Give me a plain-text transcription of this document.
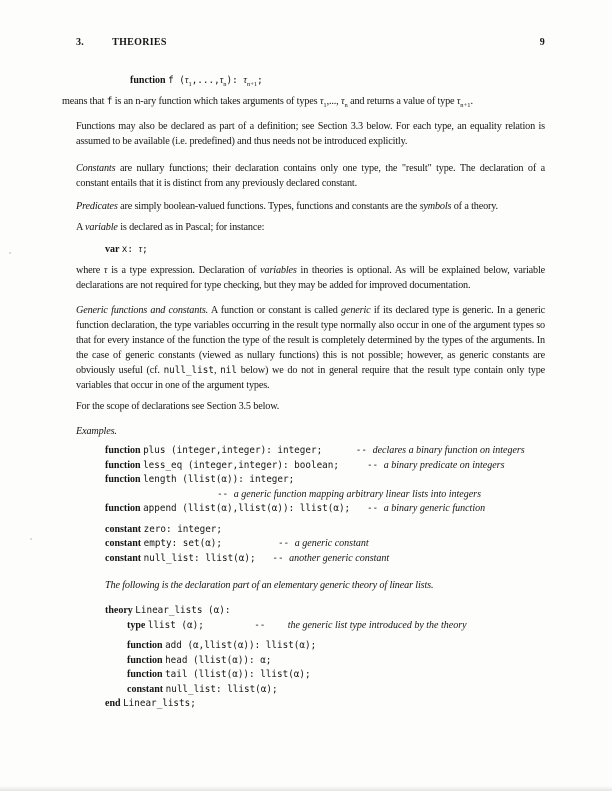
3.	THEORIES	9
function f $(\tau_1,...,\tau_n)$: $\tau_{n+1}$;

means that f is an n-ary function which takes arguments of types $\tau_1$,..., $\tau_n$ and returns a value of type $\tau_{n+1}$.

Functions may also be declared as part of a definition; see Section 3.3 below. For each type, an equality relation is assumed to be available (i.e. predefined) and thus needs not be introduced explicitly.

Constants are nullary functions; their declaration contains only one type, the "result" type. The declaration of a constant entails that it is distinct from any previously declared constant.

Predicates are simply boolean-valued functions. Types, functions and constants are the symbols of a theory.

A variable is declared as in Pascal; for instance:

var x: τ;

where τ is a type expression. Declaration of variables in theories is optional. As will be explained below, variable declarations are not required for type checking, but they may be added for improved documentation.

Generic functions and constants. A function or constant is called generic if its declared type is generic. In a generic function declaration, the type variables occurring in the result type normally also occur in one of the argument types so that for every instance of the function the type of the result is completely determined by the types of the arguments. In the case of generic constants (viewed as nullary functions) this is not possible; however, as generic constants are obviously useful (cf. null_list, nil below) we do not in general require that the result type contain only type variables that occur in one of the argument types.

For the scope of declarations see Section 3.5 below.

Examples.

function plus (integer,integer): integer;      -- declares a binary function on integers
function less_eq (integer,integer): boolean;     -- a binary predicate on integers
function length (llist(α)): integer;
-- a generic function mapping arbitrary linear lists into integers
function append (llist(α),llist(α)): llist(α);   -- a binary generic function
constant zero: integer;
constant empty: set(α);          -- a generic constant
constant null_list: llist(α);   -- another generic constant

The following is the declaration part of an elementary generic theory of linear lists.

theory Linear_lists (α):
type llist (α);         --    the generic list type introduced by the theory
function add (α,llist(α)): llist(α);
function head (llist(α)): α;
function tail (llist(α)): llist(α);
constant null_list: llist(α);
end Linear_lists;
